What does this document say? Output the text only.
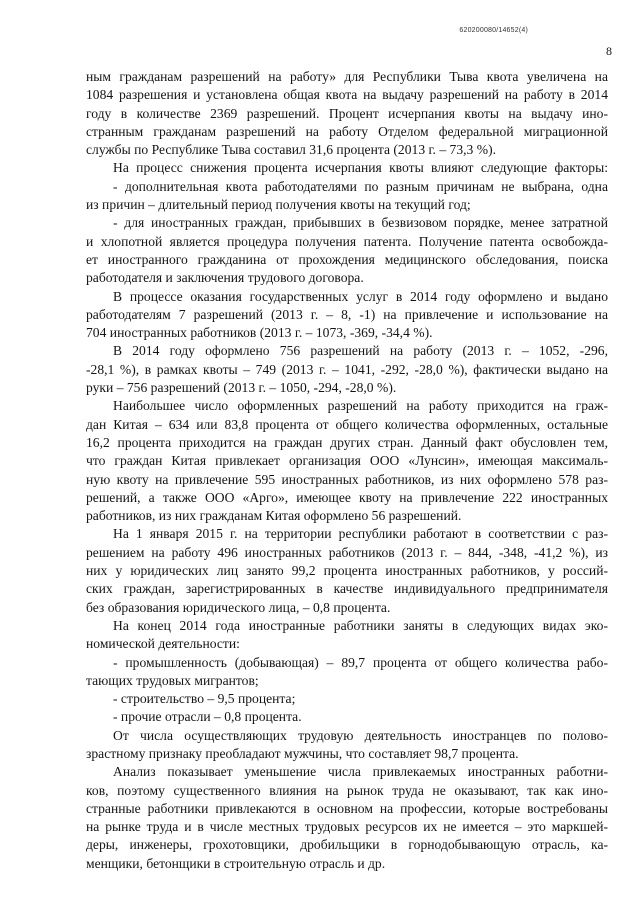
620200080/14652(4)
8
ным гражданам разрешений на работу» для Республики Тыва квота увеличена на
1084 разрешения и установлена общая квота на выдачу разрешений на работу в 2014
году в количестве 2369 разрешений. Процент исчерпания квоты на выдачу ино-
странным гражданам разрешений на работу Отделом федеральной миграционной
службы по Республике Тыва составил 31,6 процента (2013 г. – 73,3 %).
На процесс снижения процента исчерпания квоты влияют следующие факторы:
- дополнительная квота работодателями по разным причинам не выбрана, одна
из причин – длительный период получения квоты на текущий год;
- для иностранных граждан, прибывших в безвизовом порядке, менее затратной
и хлопотной является процедура получения патента. Получение патента освобожда-
ет иностранного гражданина от прохождения медицинского обследования, поиска
работодателя и заключения трудового договора.
В процессе оказания государственных услуг в 2014 году оформлено и выдано
работодателям 7 разрешений (2013 г. – 8, -1) на привлечение и использование на
704 иностранных работников (2013 г. – 1073, -369, -34,4 %).
В 2014 году оформлено 756 разрешений на работу (2013 г. – 1052, -296,
-28,1 %), в рамках квоты – 749 (2013 г. – 1041, -292, -28,0 %), фактически выдано на
руки – 756 разрешений (2013 г. – 1050, -294, -28,0 %).
Наибольшее число оформленных разрешений на работу приходится на граж-
дан Китая – 634 или 83,8 процента от общего количества оформленных, остальные
16,2 процента приходится на граждан других стран. Данный факт обусловлен тем,
что граждан Китая привлекает организация ООО «Лунсин», имеющая максималь-
ную квоту на привлечение 595 иностранных работников, из них оформлено 578 раз-
решений, а также ООО «Арго», имеющее квоту на привлечение 222 иностранных
работников, из них гражданам Китая оформлено 56 разрешений.
На 1 января 2015 г. на территории республики работают в соответствии с раз-
решением на работу 496 иностранных работников (2013 г. – 844, -348, -41,2 %), из
них у юридических лиц занято 99,2 процента иностранных работников, у россий-
ских граждан, зарегистрированных в качестве индивидуального предпринимателя
без образования юридического лица, – 0,8 процента.
На конец 2014 года иностранные работники заняты в следующих видах эко-
номической деятельности:
- промышленность (добывающая) – 89,7 процента от общего количества рабо-
тающих трудовых мигрантов;
- строительство – 9,5 процента;
- прочие отрасли – 0,8 процента.
От числа осуществляющих трудовую деятельность иностранцев по полово-
зрастному признаку преобладают мужчины, что составляет 98,7 процента.
Анализ показывает уменьшение числа привлекаемых иностранных работни-
ков, поэтому существенного влияния на рынок труда не оказывают, так как ино-
странные работники привлекаются в основном на профессии, которые востребованы
на рынке труда и в числе местных трудовых ресурсов их не имеется – это маркшей-
деры, инженеры, грохотовщики, дробильщики в горнодобывающую отрасль, ка-
менщики, бетонщики в строительную отрасль и др.
